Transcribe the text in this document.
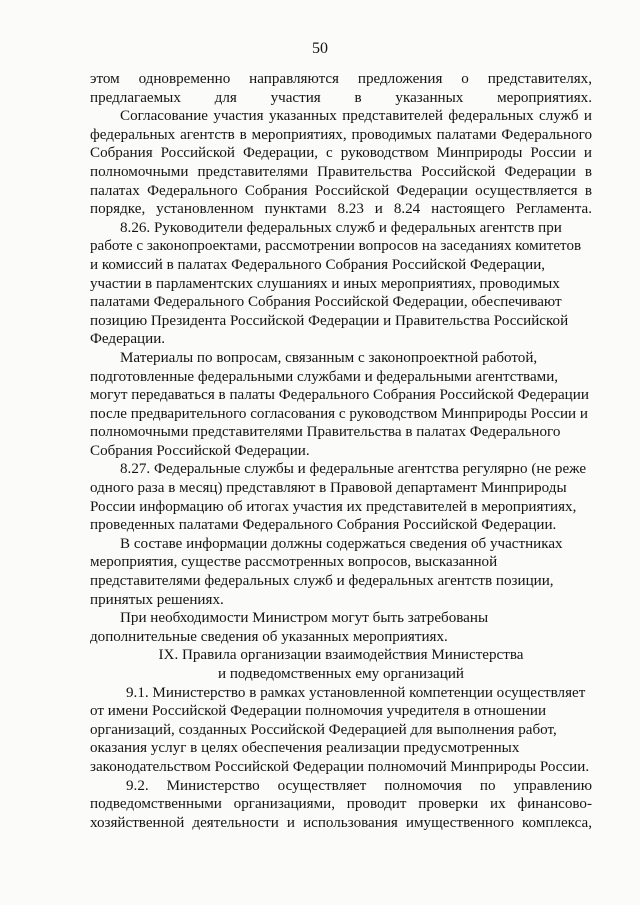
50

этом одновременно направляются предложения о представителях,
предлагаемых для участия в указанных мероприятиях.

Согласование участия указанных представителей федеральных служб и
федеральных агентств в мероприятиях, проводимых палатами Федерального
Собрания Российской Федерации, с руководством Минприроды России и
полномочными представителями Правительства Российской Федерации в
палатах Федерального Собрания Российской Федерации осуществляется в
порядке, установленном пунктами 8.23 и 8.24 настоящего Регламента.

8.26. Руководители федеральных служб и федеральных агентств при
работе с законопроектами, рассмотрении вопросов на заседаниях комитетов
и комиссий в палатах Федерального Собрания Российской Федерации,
участии в парламентских слушаниях и иных мероприятиях, проводимых
палатами Федерального Собрания Российской Федерации, обеспечивают
позицию Президента Российской Федерации и Правительства Российской
Федерации.

Материалы по вопросам, связанным с законопроектной работой,
подготовленные федеральными службами и федеральными агентствами,
могут передаваться в палаты Федерального Собрания Российской Федерации
после предварительного согласования с руководством Минприроды России и
полномочными представителями Правительства в палатах Федерального
Собрания Российской Федерации.

8.27. Федеральные службы и федеральные агентства регулярно (не реже
одного раза в месяц) представляют в Правовой департамент Минприроды
России информацию об итогах участия их представителей в мероприятиях,
проведенных палатами Федерального Собрания Российской Федерации.

В составе информации должны содержаться сведения об участниках
мероприятия, существе рассмотренных вопросов, высказанной
представителями федеральных служб и федеральных агентств позиции,
принятых решениях.

При необходимости Министром могут быть затребованы
дополнительные сведения об указанных мероприятиях.

IX. Правила организации взаимодействия Министерства
и подведомственных ему организаций

9.1. Министерство в рамках установленной компетенции осуществляет
от имени Российской Федерации полномочия учредителя в отношении
организаций, созданных Российской Федерацией для выполнения работ,
оказания услуг в целях обеспечения реализации предусмотренных
законодательством Российской Федерации полномочий Минприроды России.

9.2. Министерство осуществляет полномочия по управлению
подведомственными организациями, проводит проверки их финансово-
хозяйственной деятельности и использования имущественного комплекса,
